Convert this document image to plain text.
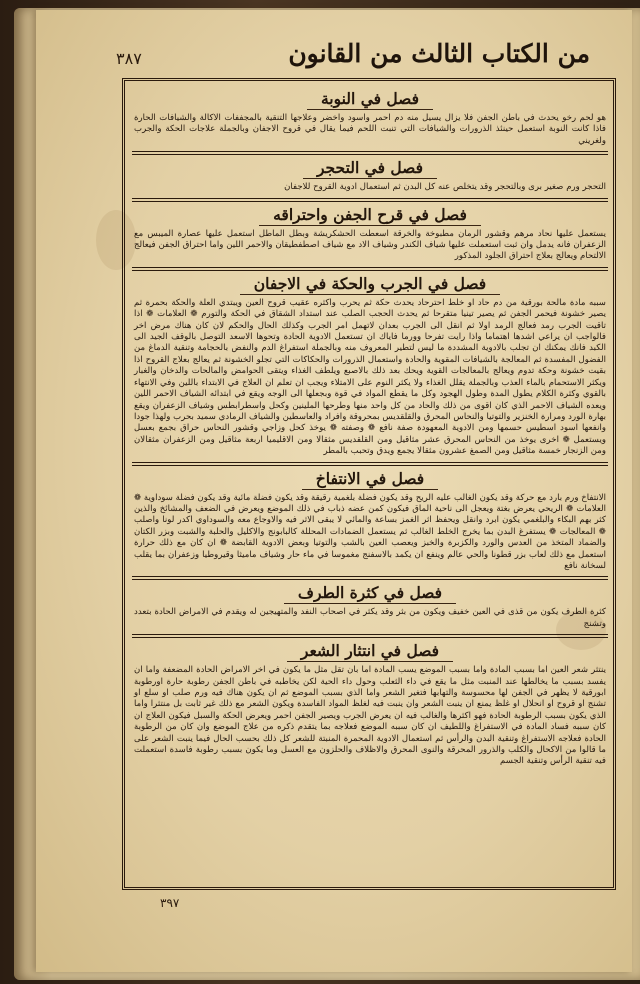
من الكتاب الثالث من القانون
٣٨٧
فصل في النوبة
هو لحم رخو يحدث في باطن الجفن فلا يزال يسيل منه دم احمر واسود واخضر وعلاجها التنقية بالمجففات الاكالة والشيافات الحارة فاذا كانت النوبة استعمل حينئذ الذرورات والشيافات التي تنبت اللحم فيما يقال في قروح الاجفان وبالجملة علاجات الحكة والجرب ولغريني
فصل في التحجر
التحجر ورم صغير برى وبالتحجر وقد يتخلص عنه كل البدن ثم استعمال ادوية القروح للاجفان
فصل في قرح الجفن واحتراقه
يستعمل عليها نحاد مرهم وقشور الرمان مطبوخة والخرقة اسعطت الحشكريشة وبطل الماطل استعمل عليها عصارة الميبس مع الزعفران فانه يدمل وان ثبت استعملت عليها شياف الكندر وشياف الاد مع شياف اصطفطيقان والاحمر اللين واما احتراق الجفن فيعالج الالتحام ويعالج بعلاج احتراق الجلود المذكور
فصل في الجرب والحكة في الاجفان
سببه مادة مالحة بورقية من دم حاد او خلط احترحاد يحدث حكة ثم يحرب واكثره عقيب قروح العين ويبتدي العلة والحكة بحمرة ثم يصير خشونة فيحمر الجفن ثم يصير تينيا متقرحا ثم يحدث الحجب الصلب عند استداد الشقاق في الحكة والتورم ❁ العلامات ❁ اذا تاقيت الجرب رمد فعالج الرمد اولا ثم انقل الى الجرب بعدان لاتهمل امر الجرب وكذلك الحال والحكم لان كان هناك مرض اخر فالواجب ان يراعي اشدها اهتماما واذا رايت تفرحا وورما فاياك ان تستعمل الادوية الحادة وتحوها الاسعد التوصل بالوقف الجيد الى الكبد فانك يمكنك ان تجلب بالادوية المشددة ما ليس لتطير المعروف منه وبالجملة استفراغ الدم والنفض بالحجامة وتنقية الدماغ من الفضول المفسدة ثم المعالجة بالشيافات المقوية والحادة واستعمال الذرورات والحكاكات التي تجلو الخشونة ثم يعالج بعلاج القروح اذا بقيت خشونة وحكة تدوم ويعالج بالمعالجات القوية ويحك بعد ذلك بالاصبع ويلطف الغذاء ويتقى الحوامض والمالحات والدخان والغبار ويكثر الاستحمام بالماء العذب وبالجملة يقلل الغذاء ولا يكثر النوم على الامتلاء ويجب ان تعلم ان العلاج في الابتداء باللين وفي الانتهاء بالقوي وكثرة الكلام يطول المدة وطول الهجود وكل ما يقطع المواد في قوة وبجعلها الى الوجه ويقع في ابتدائه الشياف الاحمر اللين ويعده الشياف الاحمر الذي كان اقوى من ذلك والحاد من كل واحد منها وطرحها الملينين وكحل واسطرابطس وشياف الزعفران ويقع بهارة الورد ومرارة الخنزير والتوتيا والنحاس المحرق والقلقديس بمحروقة وافراد والعاسطين والشياف الرمادي سميد بحرب ولهذا جودا وانفعها اسود اسطيس حسمها ومن الادوية المعهودة صفة نافع ❁ وصفته ❁ يوخذ كحل وزاجي وقشور النحاس حراق بجمع بعسل ويستعمل ❁ اخرى يوخذ من النحاس المحرق عشر مثاقيل ومن القلقديس مثقالا ومن الاقليميا اربعة مثاقيل ومن الزعفران مثقالان ومن الزنجار خمسة مثاقيل ومن الصمغ عشرون مثقالا يجمع ويدق وتحبب بالمطر
فصل في الانتفاخ
الانتفاخ ورم بارد مع حركة وقد يكون الغالب عليه الريح وقد يكون فضلة بلغمية رقيقة وقد يكون فضلة مائية وقد يكون فضلة سوداوية ❁ العلامات ❁ الريحي يعرض بغتة ويعجل الى ناحية الماق فيكون كمن عضه ذباب في ذلك الموضع ويعرض في الضعف والمشائخ والذين كثر بهم البكاء والبلغمي يكون ابرد وانقل ويحفظ اثر الغمز بساعة والمائي لا يبقى الاثر فيه والاوجاع معه والسوداوي اكدر لونا واصلب ❁ المعالجات ❁ يستفرغ البدن بما يخرج الخلط الغالب ثم يستعمل الضمادات المحللة كالبابونج والاكليل والحلبة والشبت وبزر الكتان والضماد المتخذ من العدس والورد والكزبرة والخبز ويعصب العين بالشب والتوتيا وبعض الادوية القابضة ❁ ان كان مع ذلك حرارة استعمل مع ذلك لعاب بزر قطونا والحي عالم وينفع ان يكمد بالاسفنج مغموسا في ماء حار وشياف ماميثا وقيروطيا وزعفران بما يقلب لسخانة نافع
فصل في كثرة الطرف
كثرة الطرف يكون من قذى في العين خفيف ويكون من بثر وقد يكثر في اصحاب النفد والمتهيجين له ويقدم في الامراض الحادة بتعدد وتشنج
فصل في انتثار الشعر
ينتثر شعر العين اما بسبب المادة واما بسبب الموضع يسب المادة اما بان تقل مثل ما يكون في اخر الامراض الحادة المضعفة واما ان يفسد بسبب ما يخالطها عند المنبت مثل ما يقع في داء الثعلب وحول داء الحية لكن يخاطبه في باطن الجفن رطوبة حارة اورطوبة ابورقية لا يظهر في الجفن لها محسوسة والتهابها فتغير الشعر واما الذي بسبب الموضع ثم ان يكون هناك فيه ورم صلب او سلع او تشنج او قروح او انحلال او غلظ يمنع ان ينبت الشعر وان ينبت فيه لغلظ المواد الفاسدة ويكون الشعر مع ذلك غير ثابت بل منتثرا واما الذي يكون بسبب الرطوبة الحادة فهو اكثرها والغالب فيه ان يعرض الجرب ويصير الجفن احمر ويعرض الحكة والسبل فيكون العلاج ان كان سببه فساد المادة في الاستفراغ واللطيف ان كان سببه الموضع فعلاجه بما يتقدم ذكره من علاج الموضع وان كان من الرطوبة الحادة فعلاجه الاستفراغ وتنقية البدن والرأس ثم استعمال الادوية المحمرة المنبتة للشعر كل ذلك بحسب الحال فيما ينبت الشعر على ما قالوا من الاكحال والكلب والذرور المحرقة والنوى المحرق والاظلاف والحلزون مع العسل وما يكون بسبب رطوبة فاسدة استعملت فيه تنقية الرأس وتنقية الجسم
٣٩٧
